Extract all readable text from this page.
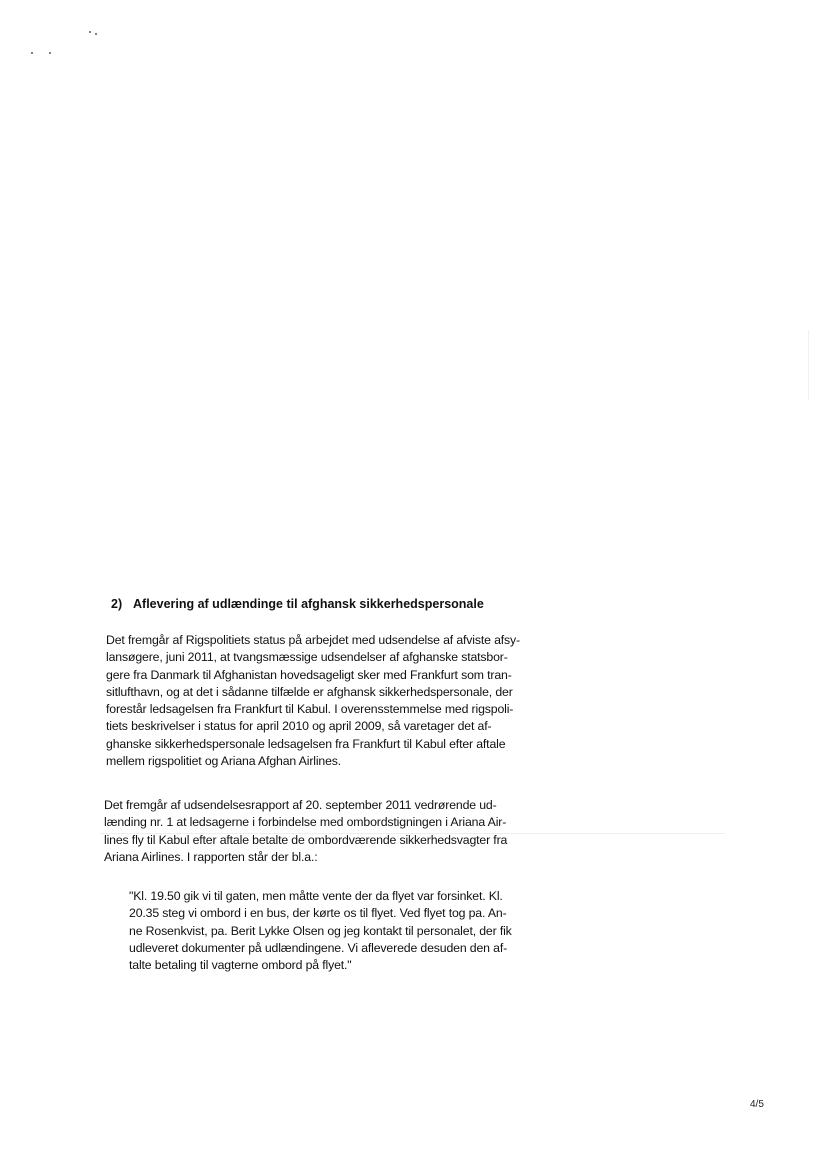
2) Aflevering af udlændinge til afghansk sikkerhedspersonale
Det fremgår af Rigspolitiets status på arbejdet med udsendelse af afviste afsy-
lansøgere, juni 2011, at tvangsmæssige udsendelser af afghanske statsbor-
gere fra Danmark til Afghanistan hovedsageligt sker med Frankfurt som tran-
sitlufthavn, og at det i sådanne tilfælde er afghansk sikkerhedspersonale, der
forestår ledsagelsen fra Frankfurt til Kabul. I overensstemmelse med rigspoli-
tiets beskrivelser i status for april 2010 og april 2009, så varetager det af-
ghanske sikkerhedspersonale ledsagelsen fra Frankfurt til Kabul efter aftale
mellem rigspolitiet og Ariana Afghan Airlines.
Det fremgår af udsendelsesrapport af 20. september 2011 vedrørende ud-
lænding nr. 1 at ledsagerne i forbindelse med ombordstigningen i Ariana Air-
lines fly til Kabul efter aftale betalte de ombordværende sikkerhedsvagter fra
Ariana Airlines. I rapporten står der bl.a.:
"Kl. 19.50 gik vi til gaten, men måtte vente der da flyet var forsinket. Kl.
20.35 steg vi ombord i en bus, der kørte os til flyet. Ved flyet tog pa. An-
ne Rosenkvist, pa. Berit Lykke Olsen og jeg kontakt til personalet, der fik
udleveret dokumenter på udlændingene. Vi afleverede desuden den af-
talte betaling til vagterne ombord på flyet."
4/5
